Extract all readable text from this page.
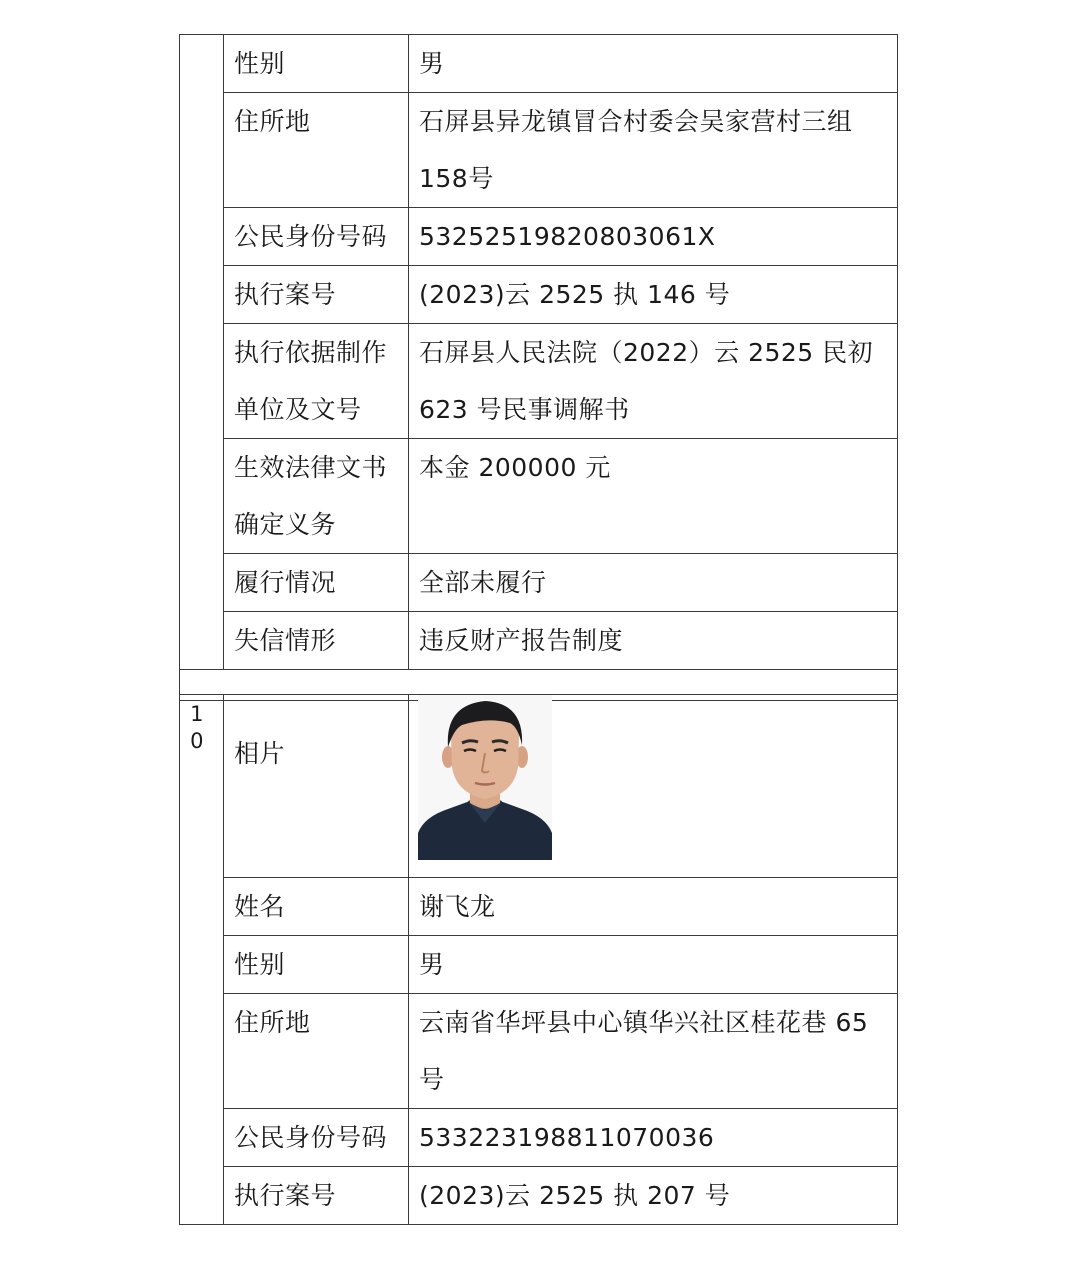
	性别	男
	住所地	石屏县异龙镇冒合村委会吴家营村三组158号
	公民身份号码	53252519820803061X
	执行案号	(2023)云 2525 执 146 号
	执行依据制作单位及文号	石屏县人民法院（2022）云 2525 民初623 号民事调解书
	生效法律文书确定义务	本金 200000 元
	履行情况	全部未履行
	失信情形	违反财产报告制度

10	相片	

	姓名	谢飞龙
	性别	男
	住所地	云南省华坪县中心镇华兴社区桂花巷 65 号
	公民身份号码	533223198811070036
	执行案号	(2023)云 2525 执 207 号
